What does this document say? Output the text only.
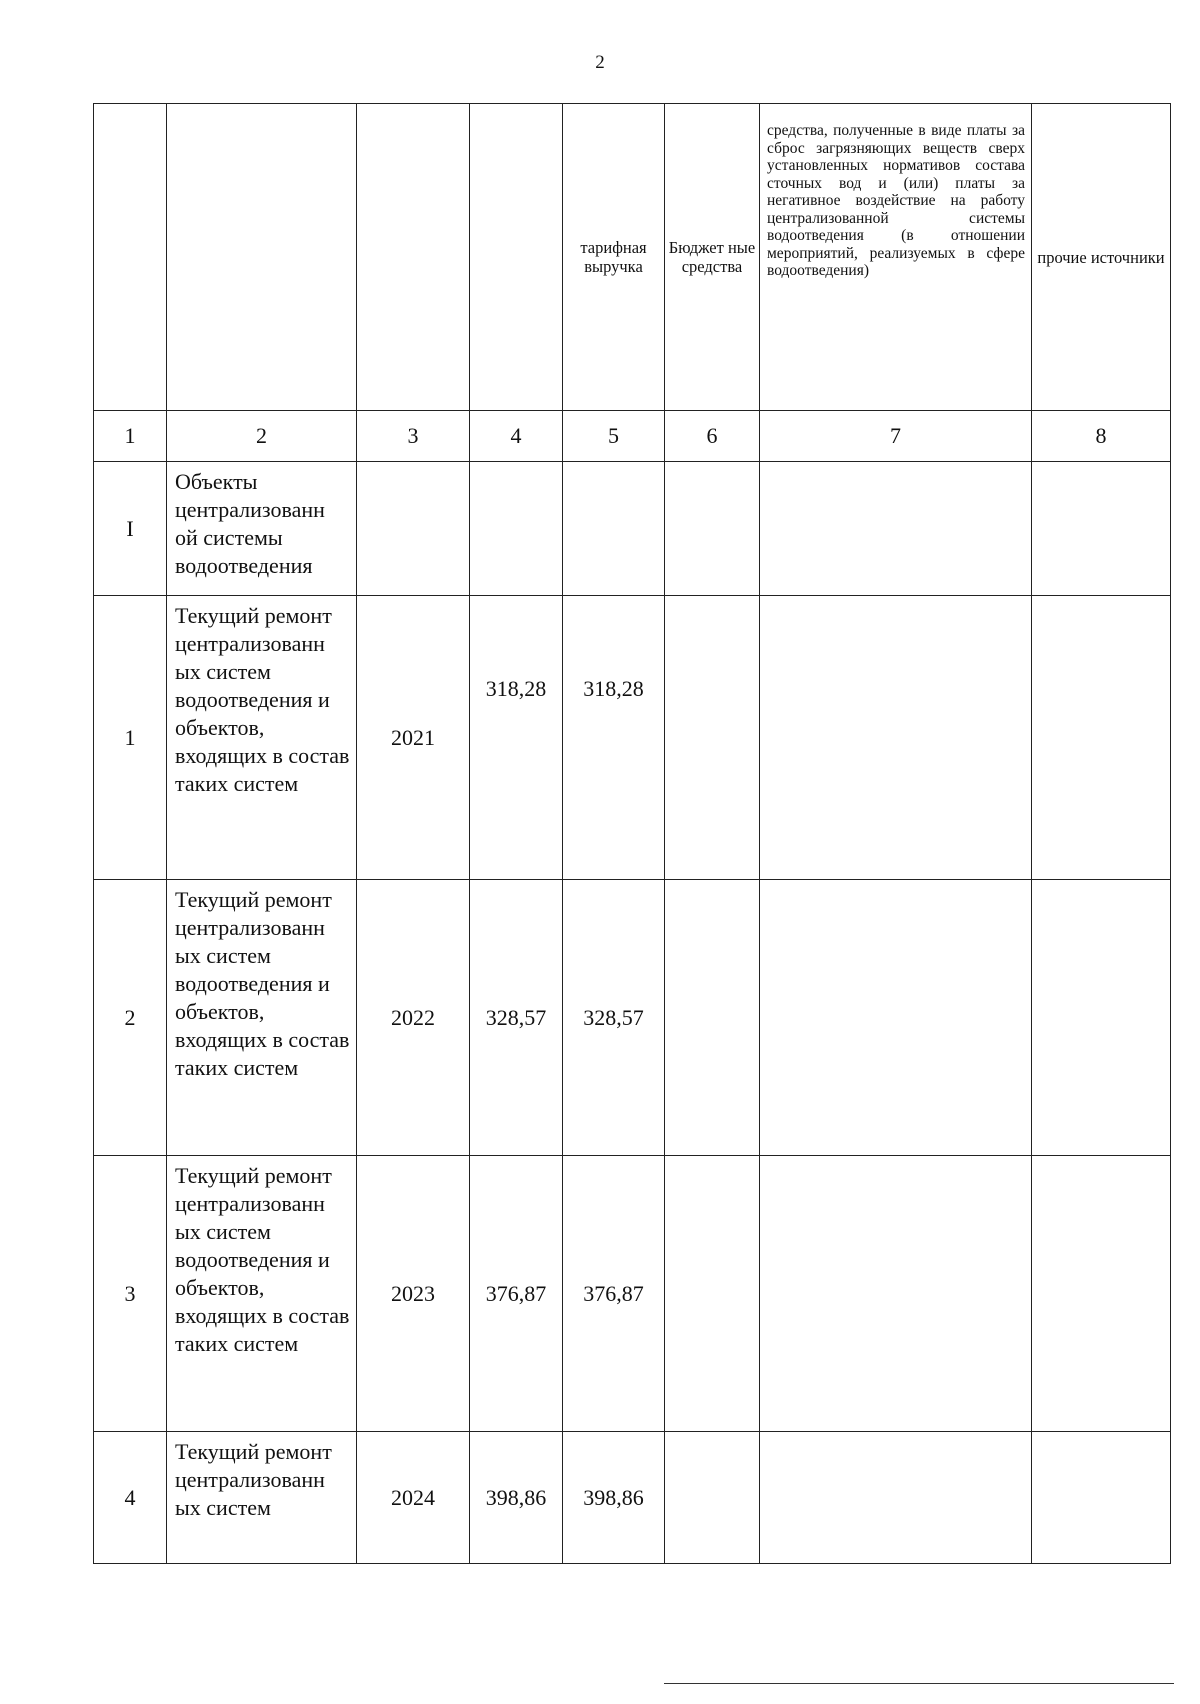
2
				тарифная выручка	Бюджет ные средства	средства, полученные в виде платы за сброс загрязняющих веществ сверх установленных нормативов состава сточных вод и (или) платы за негативное воздействие на работу централизованной системы водоотведения (в отношении мероприятий, реализуемых в сфере водоотведения)	прочие источники
1	2	3	4	5	6	7	8
I	Объекты централизованн ой системы водоотведения						
1	Текущий ремонт централизованн ых систем водоотведения и объектов, входящих в состав таких систем	2021	318,28	318,28			
2	Текущий ремонт централизованн ых систем водоотведения и объектов, входящих в состав таких систем	2022	328,57	328,57			
3	Текущий ремонт централизованн ых систем водоотведения и объектов, входящих в состав таких систем	2023	376,87	376,87			
4	Текущий ремонт централизованн ых систем	2024	398,86	398,86			
